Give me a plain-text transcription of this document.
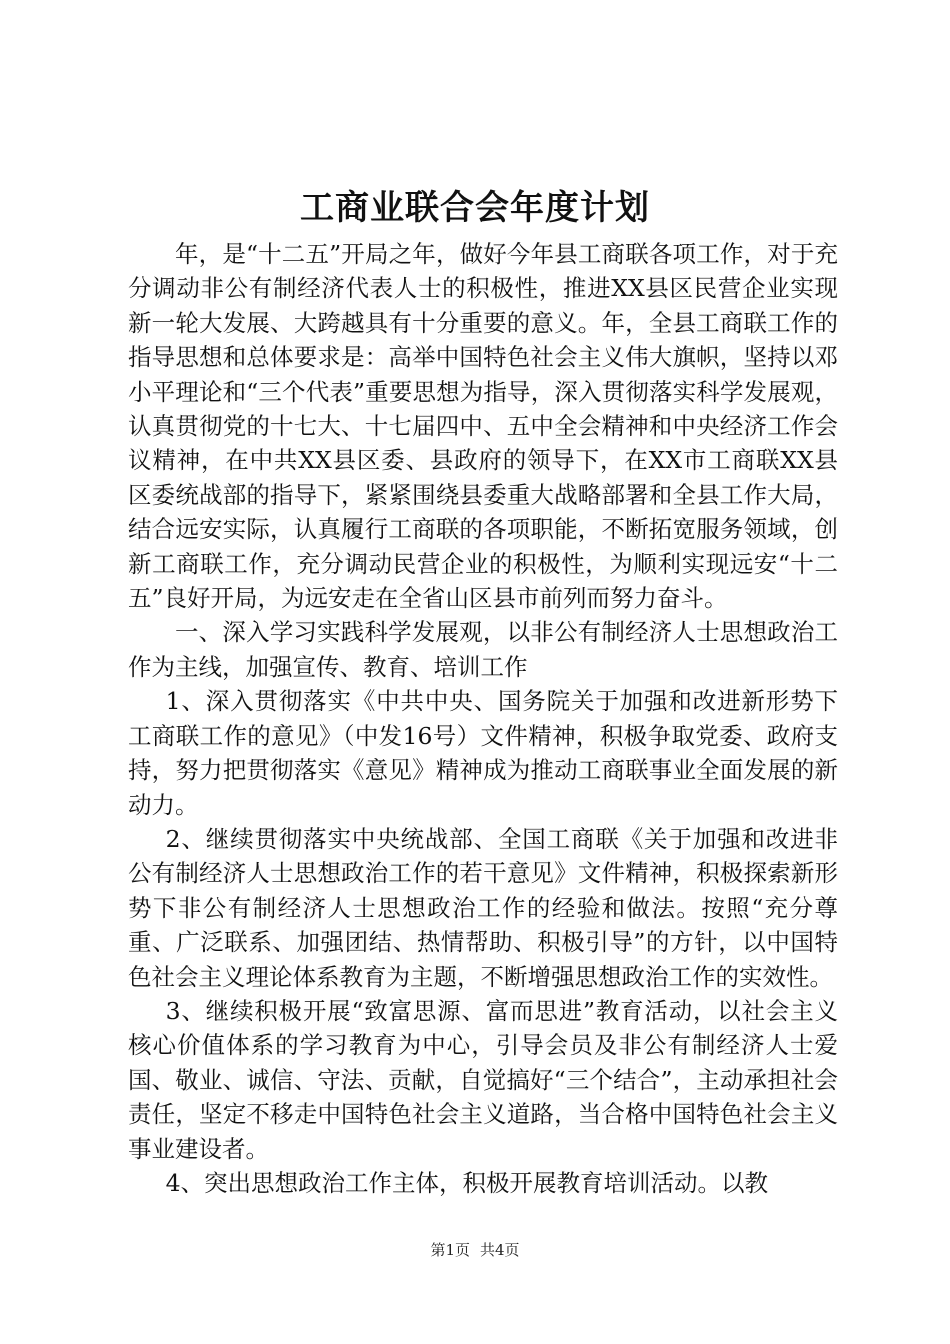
工商业联合会年度计划

年，是“十二五”开局之年，做好今年县工商联各项工作，对于充分调动非公有制经济代表人士的积极性，推进XX县区民营企业实现新一轮大发展、大跨越具有十分重要的意义。年，全县工商联工作的指导思想和总体要求是：高举中国特色社会主义伟大旗帜，坚持以邓小平理论和“三个代表”重要思想为指导，深入贯彻落实科学发展观，认真贯彻党的十七大、十七届四中、五中全会精神和中央经济工作会议精神，在中共XX县区委、县政府的领导下，在XX市工商联XX县区委统战部的指导下，紧紧围绕县委重大战略部署和全县工作大局，结合远安实际，认真履行工商联的各项职能，不断拓宽服务领域，创新工商联工作，充分调动民营企业的积极性，为顺利实现远安“十二五”良好开局，为远安走在全省山区县市前列而努力奋斗。

一、深入学习实践科学发展观，以非公有制经济人士思想政治工作为主线，加强宣传、教育、培训工作

1、深入贯彻落实《中共中央、国务院关于加强和改进新形势下工商联工作的意见》（中发16号）文件精神，积极争取党委、政府支持，努力把贯彻落实《意见》精神成为推动工商联事业全面发展的新动力。

2、继续贯彻落实中央统战部、全国工商联《关于加强和改进非公有制经济人士思想政治工作的若干意见》文件精神，积极探索新形势下非公有制经济人士思想政治工作的经验和做法。按照“充分尊重、广泛联系、加强团结、热情帮助、积极引导”的方针，以中国特色社会主义理论体系教育为主题，不断增强思想政治工作的实效性。

3、继续积极开展“致富思源、富而思进”教育活动，以社会主义核心价值体系的学习教育为中心，引导会员及非公有制经济人士爱国、敬业、诚信、守法、贡献，自觉搞好“三个结合”，主动承担社会责任，坚定不移走中国特色社会主义道路，当合格中国特色社会主义事业建设者。

4、突出思想政治工作主体，积极开展教育培训活动。以教

第1页 共4页
